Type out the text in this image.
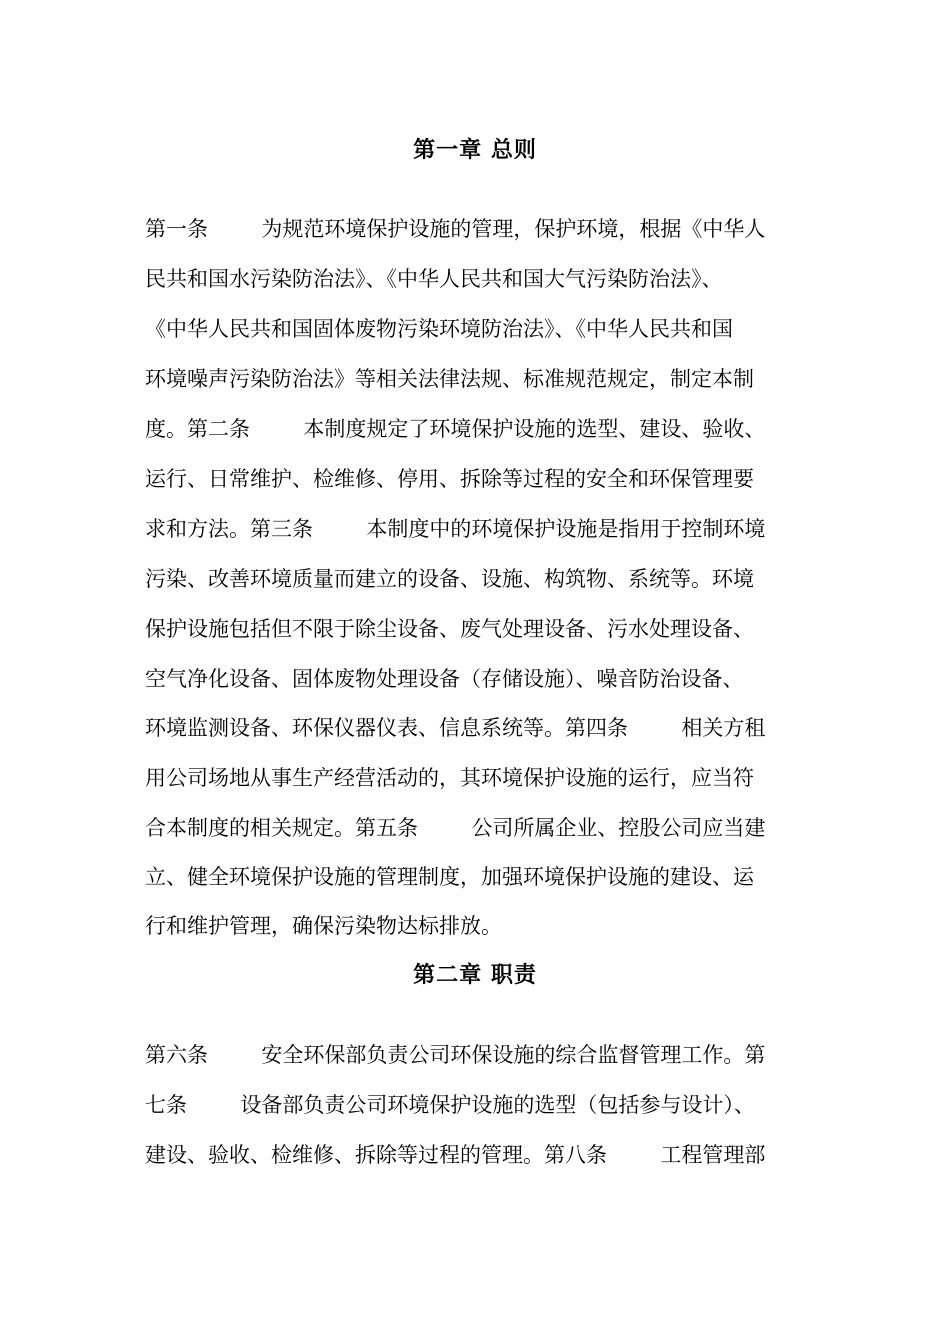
第一章 总则
第一条        为规范环境保护设施的管理，保护环境，根据《中华人
民共和国水污染防治法》、《中华人民共和国大气污染防治法》、
《中华人民共和国固体废物污染环境防治法》、《中华人民共和国
环境噪声污染防治法》等相关法律法规、标准规范规定，制定本制
度。第二条        本制度规定了环境保护设施的选型、建设、验收、
运行、日常维护、检维修、停用、拆除等过程的安全和环保管理要
求和方法。第三条        本制度中的环境保护设施是指用于控制环境
污染、改善环境质量而建立的设备、设施、构筑物、系统等。环境
保护设施包括但不限于除尘设备、废气处理设备、污水处理设备、
空气净化设备、固体废物处理设备（存储设施）、噪音防治设备、
环境监测设备、环保仪器仪表、信息系统等。第四条        相关方租
用公司场地从事生产经营活动的，其环境保护设施的运行，应当符
合本制度的相关规定。第五条        公司所属企业、控股公司应当建
立、健全环境保护设施的管理制度，加强环境保护设施的建设、运
行和维护管理，确保污染物达标排放。
第二章 职责
第六条        安全环保部负责公司环保设施的综合监督管理工作。第
七条        设备部负责公司环境保护设施的选型（包括参与设计）、
建设、验收、检维修、拆除等过程的管理。第八条        工程管理部
